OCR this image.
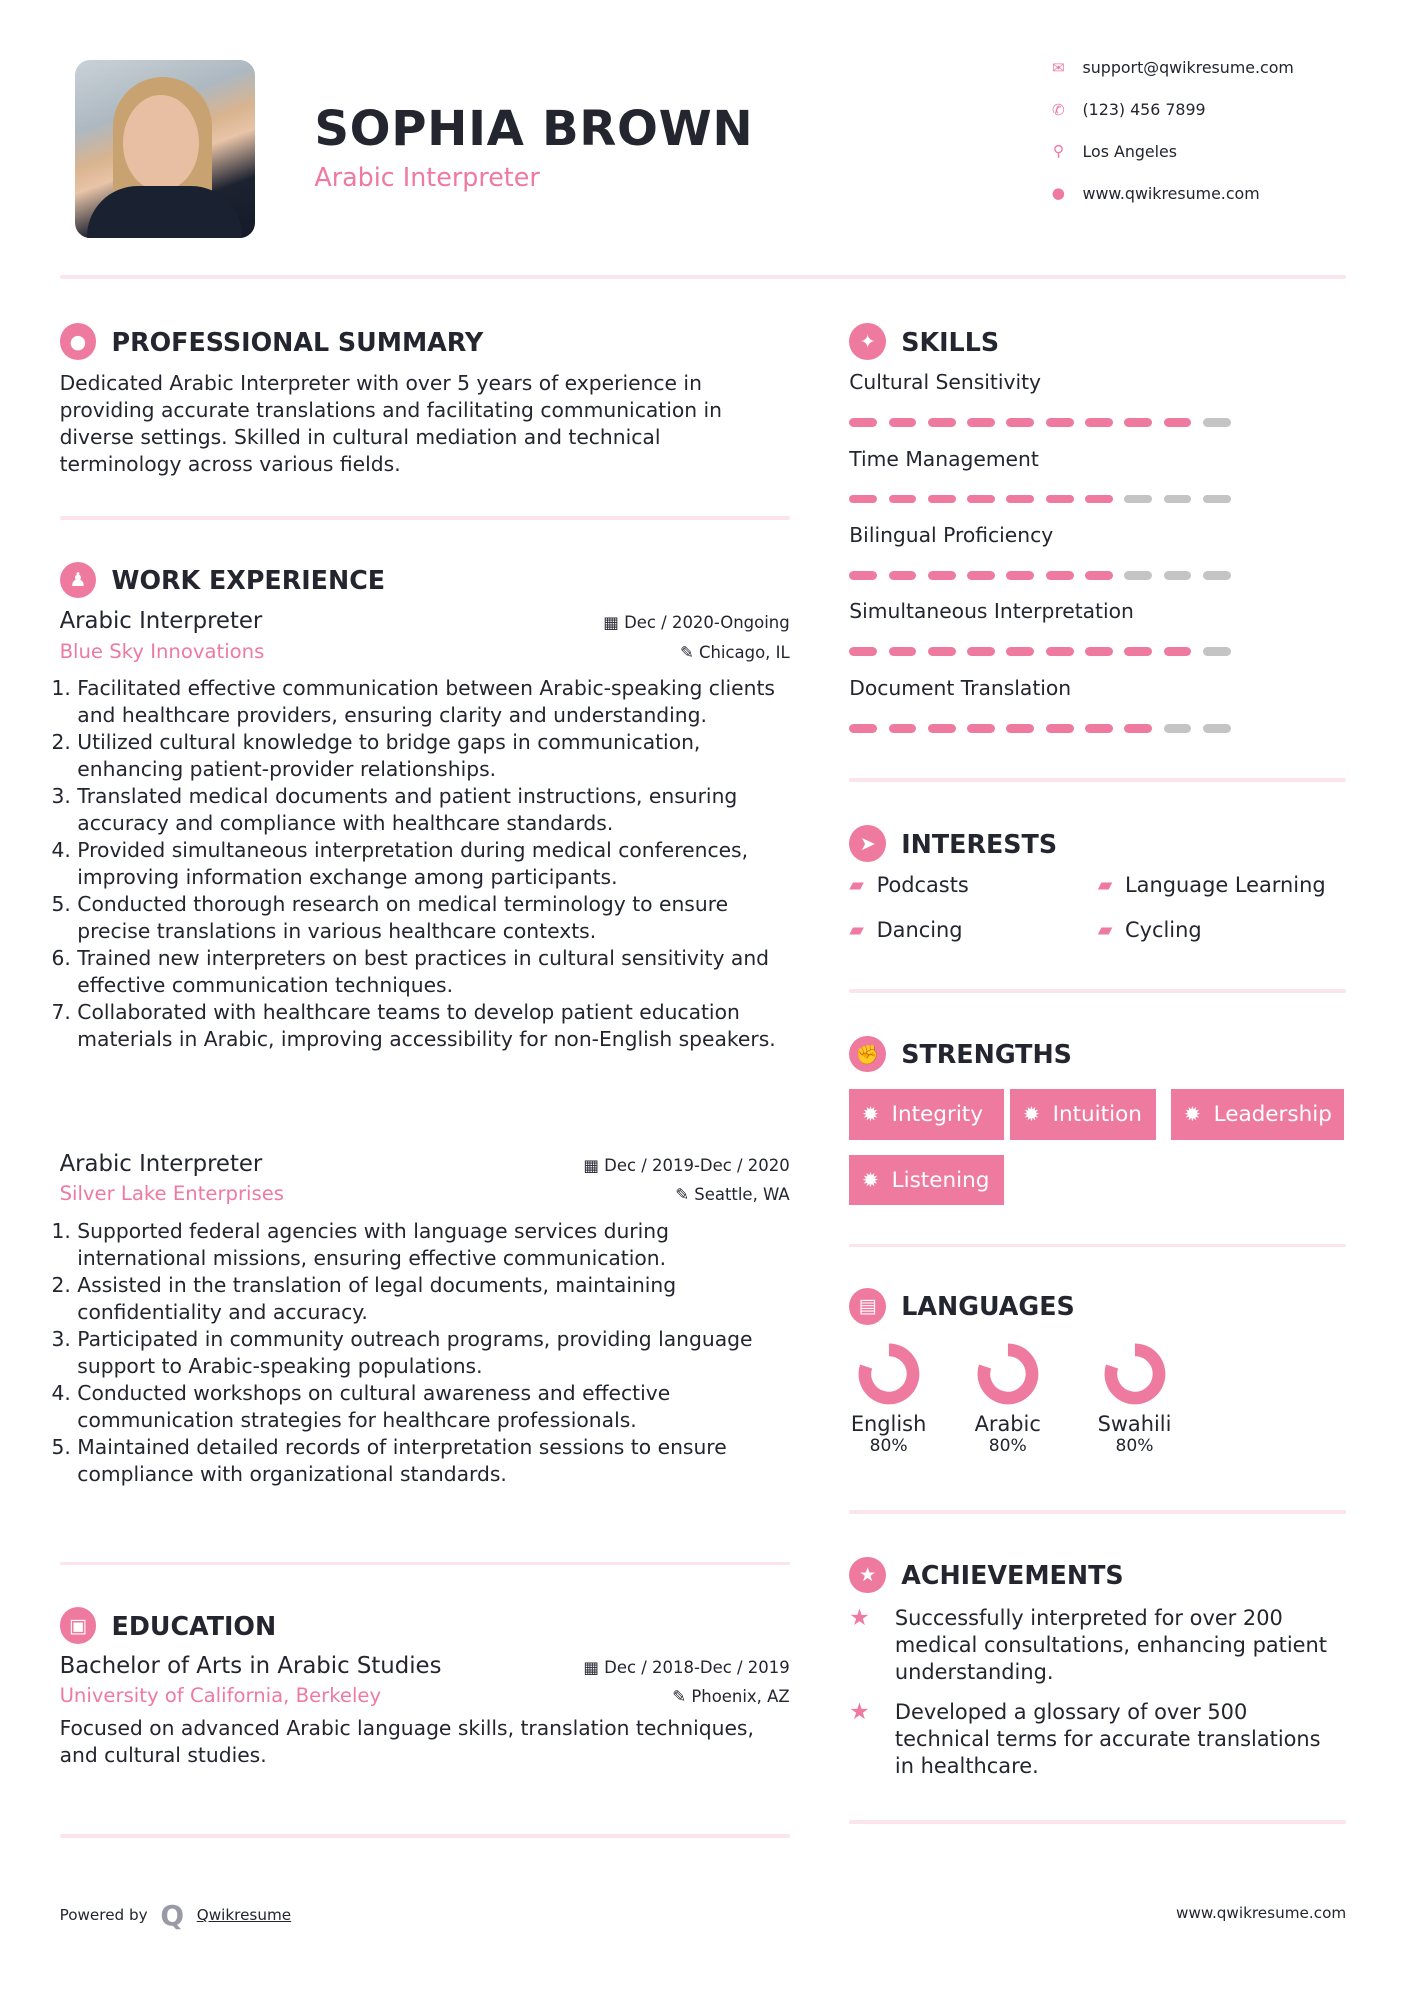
SOPHIA BROWN
Arabic Interpreter
✉ support@qwikresume.com
✆ (123) 456 7899
⚲ Los Angeles
● www.qwikresume.com
●	PROFESSIONAL SUMMARY
Dedicated Arabic Interpreter with over 5 years of experience in providing accurate translations and facilitating communication in diverse settings. Skilled in cultural mediation and technical terminology across various fields.
♟	WORK EXPERIENCE
Arabic Interpreter	▦ Dec / 2020-Ongoing
Blue Sky Innovations	✎ Chicago, IL
1. Facilitated effective communication between Arabic-speaking clients and healthcare providers, ensuring clarity and understanding.
2. Utilized cultural knowledge to bridge gaps in communication, enhancing patient-provider relationships.
3. Translated medical documents and patient instructions, ensuring accuracy and compliance with healthcare standards.
4. Provided simultaneous interpretation during medical conferences, improving information exchange among participants.
5. Conducted thorough research on medical terminology to ensure precise translations in various healthcare contexts.
6. Trained new interpreters on best practices in cultural sensitivity and effective communication techniques.
7. Collaborated with healthcare teams to develop patient education materials in Arabic, improving accessibility for non-English speakers.
Arabic Interpreter	▦ Dec / 2019-Dec / 2020
Silver Lake Enterprises	✎ Seattle, WA
1. Supported federal agencies with language services during international missions, ensuring effective communication.
2. Assisted in the translation of legal documents, maintaining confidentiality and accuracy.
3. Participated in community outreach programs, providing language support to Arabic-speaking populations.
4. Conducted workshops on cultural awareness and effective communication strategies for healthcare professionals.
5. Maintained detailed records of interpretation sessions to ensure compliance with organizational standards.
▣	EDUCATION
Bachelor of Arts in Arabic Studies	▦ Dec / 2018-Dec / 2019
University of California, Berkeley	✎ Phoenix, AZ
Focused on advanced Arabic language skills, translation techniques, and cultural studies.
✦	SKILLS
Cultural Sensitivity
Time Management
Bilingual Proficiency
Simultaneous Interpretation
Document Translation
➤	INTERESTS
▰ Podcasts	▰ Language Learning
▰ Dancing	▰ Cycling
✊	STRENGTHS
✹ Integrity ✹ Intuition	✹ Leadership
✹ Listening
▤	LANGUAGES
English
80%
Arabic
80%
Swahili
80%
★	ACHIEVEMENTS
★	Successfully interpreted for over 200 medical consultations, enhancing patient understanding.
★	Developed a glossary of over 500 technical terms for accurate translations in healthcare.
Powered by Q Qwikresume	www.qwikresume.com
